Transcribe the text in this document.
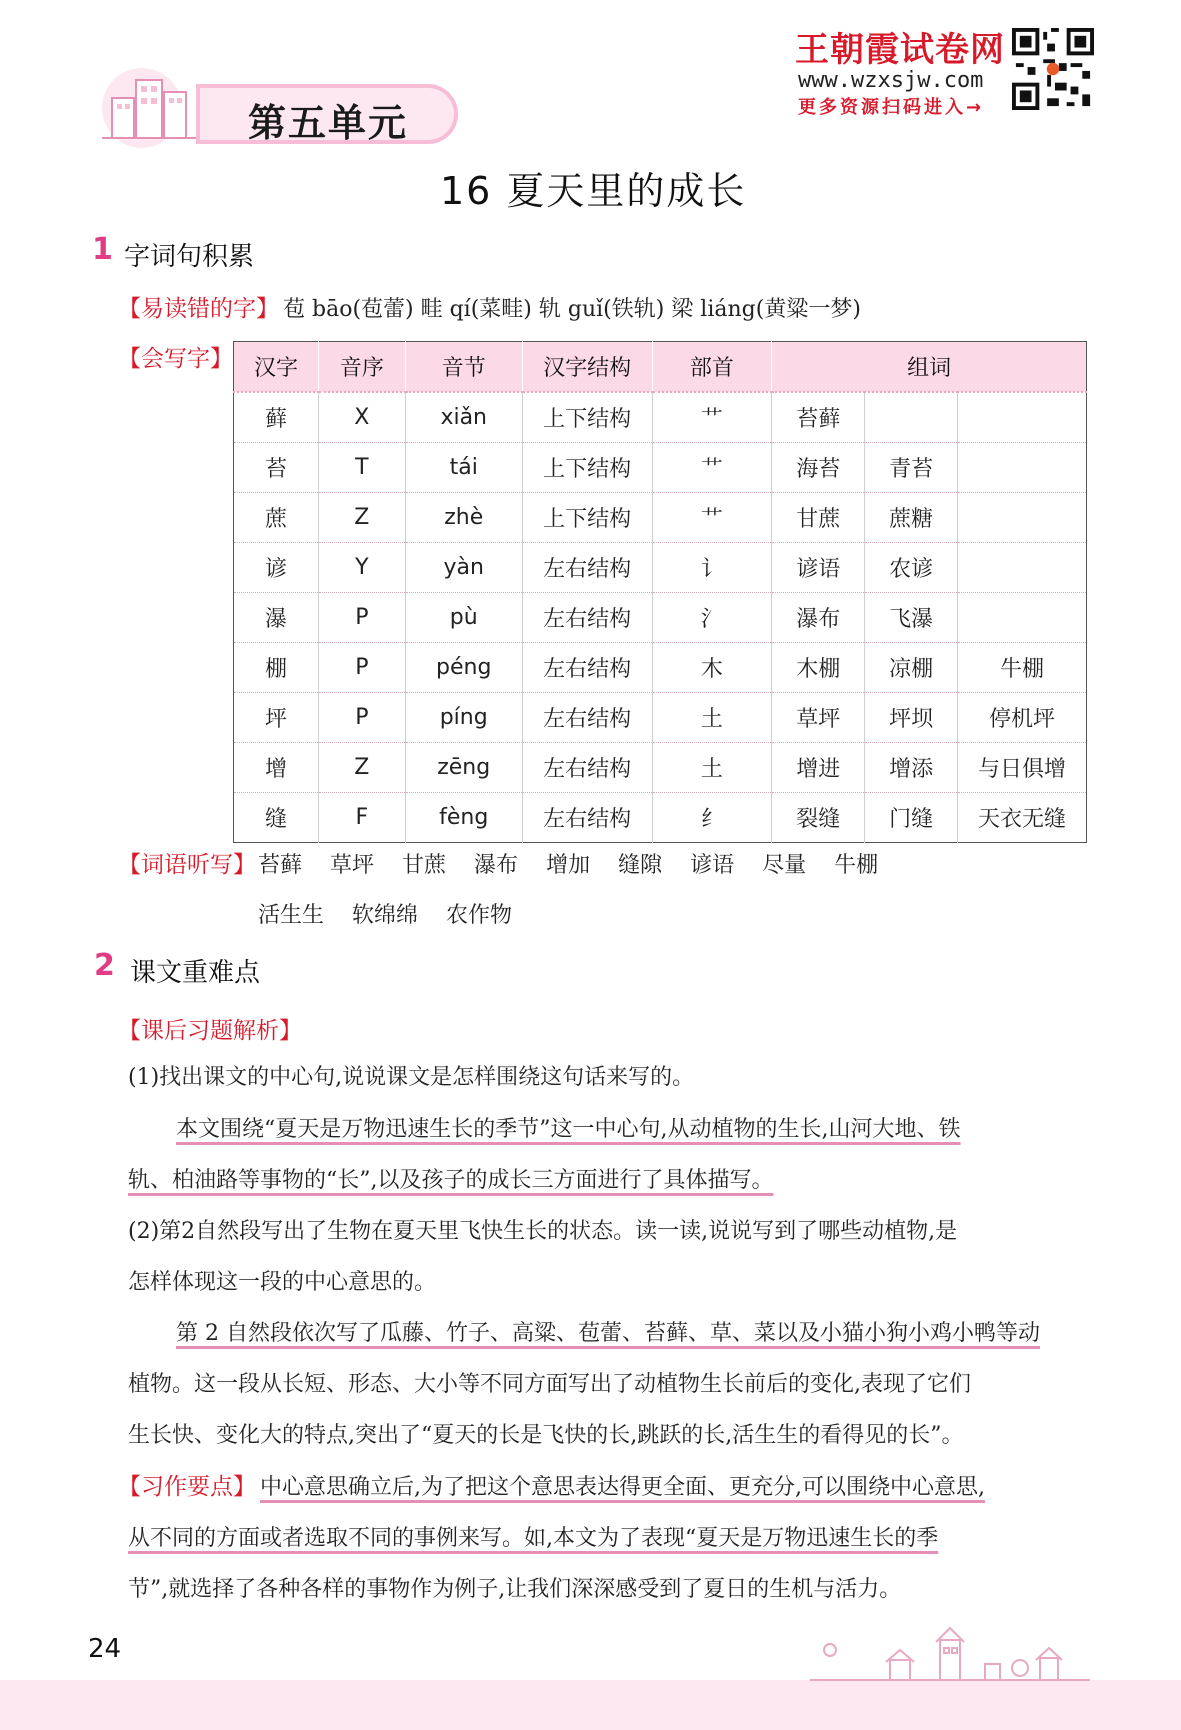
王朝霞试卷网
www.wzxsjw.com
更多资源扫码进入→
第五单元
16 夏天里的成长
1 字词句积累
【易读错的字】 苞 bāo(苞蕾) 畦 qí(菜畦) 轨 guǐ(铁轨) 梁 liáng(黄粱一梦)
【会写字】 汉字	音序	音节	汉字结构	部首	组词		
藓	X	xiǎn	上下结构	艹	苔藓		
苔	T	tái	上下结构	艹	海苔	青苔	
蔗	Z	zhè	上下结构	艹	甘蔗	蔗糖	
谚	Y	yàn	左右结构	讠	谚语	农谚	
瀑	P	pù	左右结构	氵	瀑布	飞瀑	
棚	P	péng	左右结构	木	木棚	凉棚	牛棚
坪	P	píng	左右结构	土	草坪	坪坝	停机坪
增	Z	zēng	左右结构	土	增进	增添	与日俱增
缝	F	fèng	左右结构	纟	裂缝	门缝	天衣无缝
【词语听写】 苔藓 草坪 甘蔗 瀑布 增加 缝隙 谚语 尽量 牛棚
活生生 软绵绵 农作物
2 课文重难点
【课后习题解析】
(1)找出课文的中心句,说说课文是怎样围绕这句话来写的。
本文围绕“夏天是万物迅速生长的季节”这一中心句,从动植物的生长,山河大地、铁
轨、柏油路等事物的“长”,以及孩子的成长三方面进行了具体描写。
(2)第2自然段写出了生物在夏天里飞快生长的状态。读一读,说说写到了哪些动植物,是
怎样体现这一段的中心意思的。
第 2 自然段依次写了瓜藤、竹子、高粱、苞蕾、苔藓、草、菜以及小猫小狗小鸡小鸭等动
植物。这一段从长短、形态、大小等不同方面写出了动植物生长前后的变化,表现了它们
生长快、变化大的特点,突出了“夏天的长是飞快的长,跳跃的长,活生生的看得见的长”。
【习作要点】 中心意思确立后,为了把这个意思表达得更全面、更充分,可以围绕中心意思,
从不同的方面或者选取不同的事例来写。如,本文为了表现“夏天是万物迅速生长的季
节”,就选择了各种各样的事物作为例子,让我们深深感受到了夏日的生机与活力。
24
